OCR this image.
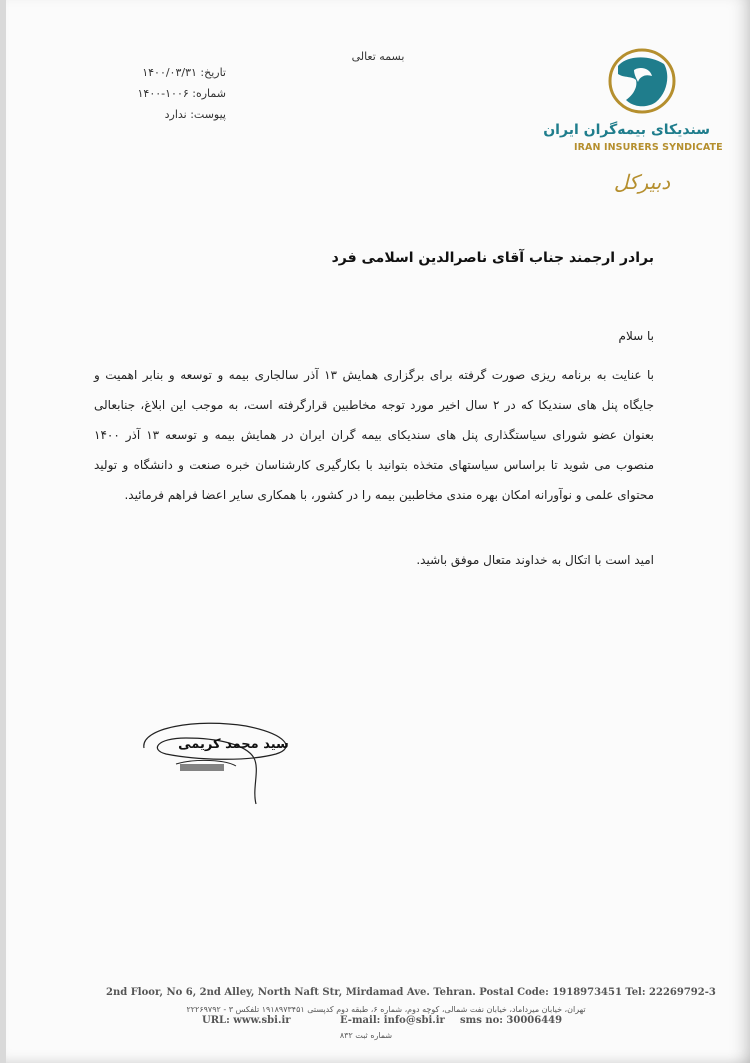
بسمه تعالی
تاریخ: ۱۴۰۰/۰۳/۳۱
شماره: ۱۰۰۶-۱۴۰۰
پیوست: ندارد
سندیکای بیمه‌گران ایران
IRAN INSURERS SYNDICATE
دبیرکل
برادر ارجمند جناب آقای ناصرالدین اسلامی فرد
با سلام

با عنایت به برنامه ریزی صورت گرفته برای برگزاری همایش ۱۳ آذر سالجاری بیمه و توسعه و بنابر اهمیت و جایگاه پنل های سندیکا که در ۲ سال اخیر مورد توجه مخاطبین قرارگرفته است، به موجب این ابلاغ، جنابعالی بعنوان عضو شورای سیاستگذاری پنل های سندیکای بیمه گران ایران در همایش بیمه و توسعه ۱۳ آذر ۱۴۰۰ منصوب می شوید تا براساس سیاستهای متخذه بتوانید با بکارگیری کارشناسان خبره صنعت و دانشگاه و تولید محتوای علمی و نوآورانه امکان بهره مندی مخاطبین بیمه را در کشور، با همکاری سایر اعضا فراهم فرمائید.

امید است با اتکال به خداوند متعال موفق باشید.
سید محمد کریمی
2nd Floor, No 6, 2nd Alley, North Naft Str, Mirdamad Ave. Tehran. Postal Code: 1918973451 Tel: 22269792-3
تهران، خیابان میرداماد، خیابان نفت شمالی، کوچه دوم، شماره ۶، طبقه دوم کدپستی ۱۹۱۸۹۷۳۴۵۱ تلفکس ۳ - ۲۲۲۶۹۷۹۲
URL: www.sbi.ir	E-mail: info@sbi.ir sms no: 30006449
شماره ثبت ۸۳۲
